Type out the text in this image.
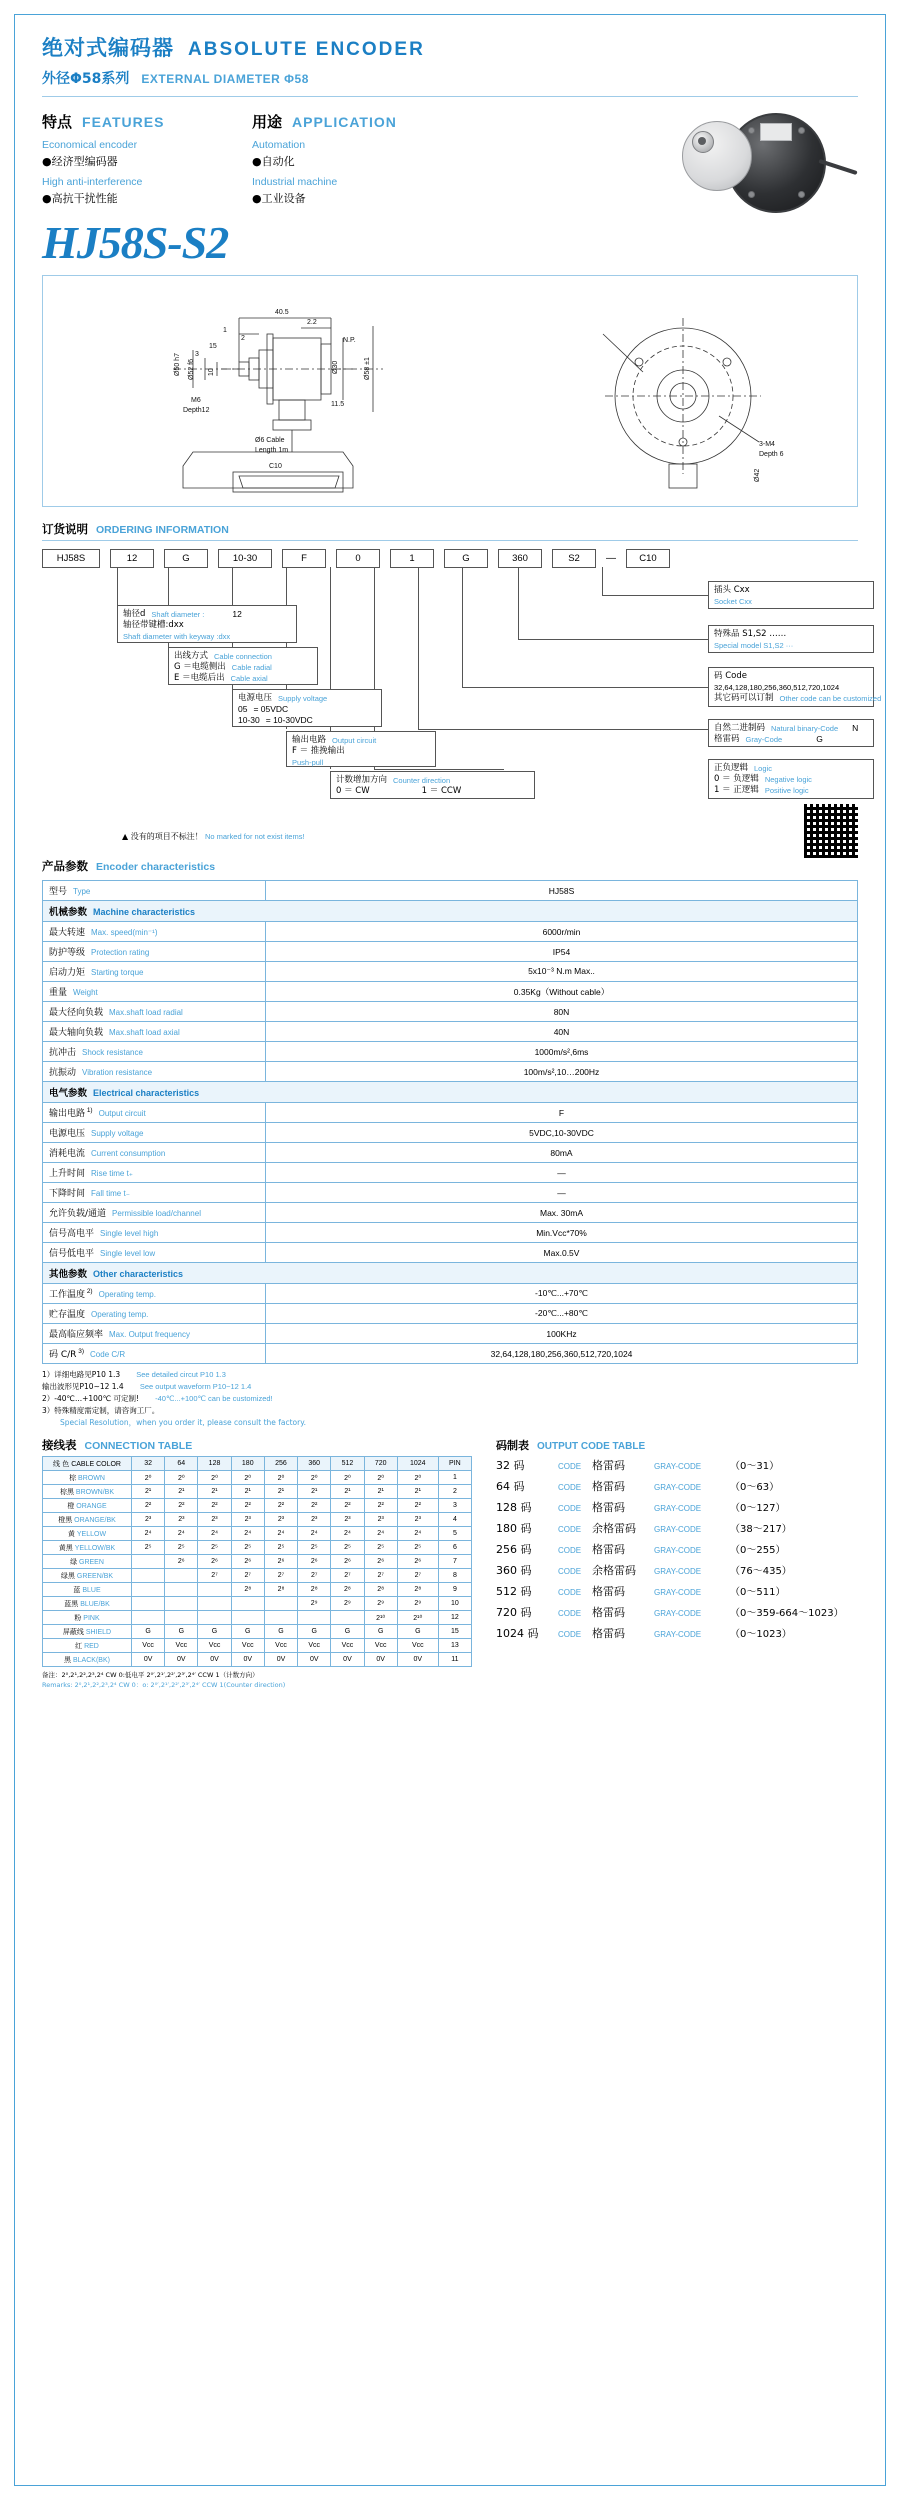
绝对式编码器 ABSOLUTE ENCODER
外径Φ58系列 EXTERNAL DIAMETER Φ58
特点 FEATURES
Economical encoder
●经济型编码器
High anti-interference
●高抗干扰性能
用途 APPLICATION
Automation
●自动化
Industrial machine
●工业设备
HJ58S-S2
40.5
2.2
1
2
15
3
Ø50 h7 Ø52 f6 10	Ø30	Ø58 ±1
N.P.
11.5
M6
Depth12
Ø6 Cable
Length 1m
C10
3-M4
Depth 6
Ø42
订货说明 ORDERING INFORMATION
HJ58S	12	G	10-30	F	0	1	G	360	S2	—	C10
轴径d Shaft diameter :	12
轴径带键槽:dxx
Shaft diameter with keyway :dxx
出线方式 Cable connection
G ＝电缆侧出 Cable radial
E ＝电缆后出 Cable axial
电源电压 Supply voltage
05 = 05VDC
10-30 = 10-30VDC
输出电路 Output circuit
F ＝ 推挽输出
Push-pull
计数增加方向 Counter direction
0 ＝ CW	1 ＝ CCW
▲ 没有的项目不标注！ No marked for not exist items!
插头 Cxx
Socket Cxx
特殊品 S1,S2 ……
Special model S1,S2 ···
码 Code
32,64,128,180,256,360,512,720,1024
其它码可以订制 Other code can be customized
自然二进制码 Natural binary-Code N
格雷码 Gray-Code	G
正负逻辑 Logic
0 ＝ 负逻辑 Negative logic
1 ＝ 正逻辑 Positive logic
产品参数 Encoder characteristics
型号 Type	HJ58S
机械参数 Machine characteristics	
最大转速 Max. speed(min⁻¹)	6000r/min
防护等级 Protection rating	IP54
启动力矩 Starting torque	5x10⁻³ N.m Max..
重量 Weight	0.35Kg（Without cable）
最大径向负载 Max.shaft load radial	80N
最大轴向负载 Max.shaft load axial	40N
抗冲击 Shock resistance	1000m/s²,6ms
抗振动 Vibration resistance	100m/s²,10…200Hz
电气参数 Electrical characteristics	
输出电路 $^{1)}$ Output circuit	F
电源电压 Supply voltage	5VDC,10-30VDC
消耗电流 Current consumption	80mA
上升时间 Rise time t₊	—
下降时间 Fall time t₋	—
允许负载/通道 Permissible load/channel	Max. 30mA
信号高电平 Single level high	Min.Vcc*70%
信号低电平 Single level low	Max.0.5V
其他参数 Other characteristics	
工作温度 $^{2)}$ Operating temp.	-10℃...+70℃
贮存温度 Operating temp.	-20℃...+80℃
最高临应频率 Max. Output frequency	100KHz
码 C/R $^{3)}$ Code C/R	32,64,128,180,256,360,512,720,1024
1）详细电路见P10 1.3 See detailed circut P10 1.3
输出波形见P10~12 1.4 See output waveform P10~12 1.4
2）-40℃...+100℃ 可定制! -40℃...+100℃ can be customized!
3）特殊精度需定制，请咨询工厂。
Special Resolution，when you order it, please consult the factory.
接线表 CONNECTION TABLE
线 色 CABLE COLOR	32	64	128	180	256	360	512	720	1024	PIN
棕 BROWN	2⁰	2⁰	2⁰	2⁰	2⁰	2⁰	2⁰	2⁰	2⁰	1
棕黑 BROWN/BK	2¹	2¹	2¹	2¹	2¹	2¹	2¹	2¹	2¹	2
橙 ORANGE	2²	2²	2²	2²	2²	2²	2²	2²	2²	3
橙黑 ORANGE/BK	2³	2³	2³	2³	2³	2³	2³	2³	2³	4
黄 YELLOW	2⁴	2⁴	2⁴	2⁴	2⁴	2⁴	2⁴	2⁴	2⁴	5
黄黑 YELLOW/BK	2⁵	2⁵	2⁵	2⁵	2⁵	2⁵	2⁵	2⁵	2⁵	6
绿 GREEN		2⁶	2⁶	2⁶	2⁶	2⁶	2⁶	2⁶	2⁶	7
绿黑 GREEN/BK			2⁷	2⁷	2⁷	2⁷	2⁷	2⁷	2⁷	8
蓝 BLUE				2⁸	2⁸	2⁸	2⁸	2⁸	2⁸	9
蓝黑 BLUE/BK						2⁹	2⁹	2⁹	2⁹	10
粉 PINK								2¹⁰	2¹⁰	12
屏蔽线 SHIELD	G	G	G	G	G	G	G	G	G	15
红 RED	Vcc	Vcc	Vcc	Vcc	Vcc	Vcc	Vcc	Vcc	Vcc	13
黑 BLACK(BK)	0V	0V	0V	0V	0V	0V	0V	0V	0V	11
备注：2⁰,2¹,2²,2³,2⁴ CW 0:低电平 2⁰′,2¹′,2²′,2³′,2⁴′ CCW 1（计数方向）
Remarks: 2⁰,2¹,2²,2³,2⁴ CW 0：o: 2⁰′,2¹′,2²′,2³′,2⁴′ CCW 1(Counter direction)
码制表 OUTPUT CODE TABLE
32 码	CODE 格雷码	GRAY-CODE	（0～31）
64 码	CODE 格雷码	GRAY-CODE	（0～63）
128 码	CODE 格雷码	GRAY-CODE	（0～127）
180 码	CODE 余格雷码	GRAY-CODE	（38～217）
256 码	CODE 格雷码	GRAY-CODE	（0～255）
360 码	CODE 余格雷码	GRAY-CODE	（76～435）
512 码	CODE 格雷码	GRAY-CODE	（0～511）
720 码	CODE 格雷码	GRAY-CODE	（0～359-664～1023）
1024 码	CODE 格雷码	GRAY-CODE	（0～1023）
